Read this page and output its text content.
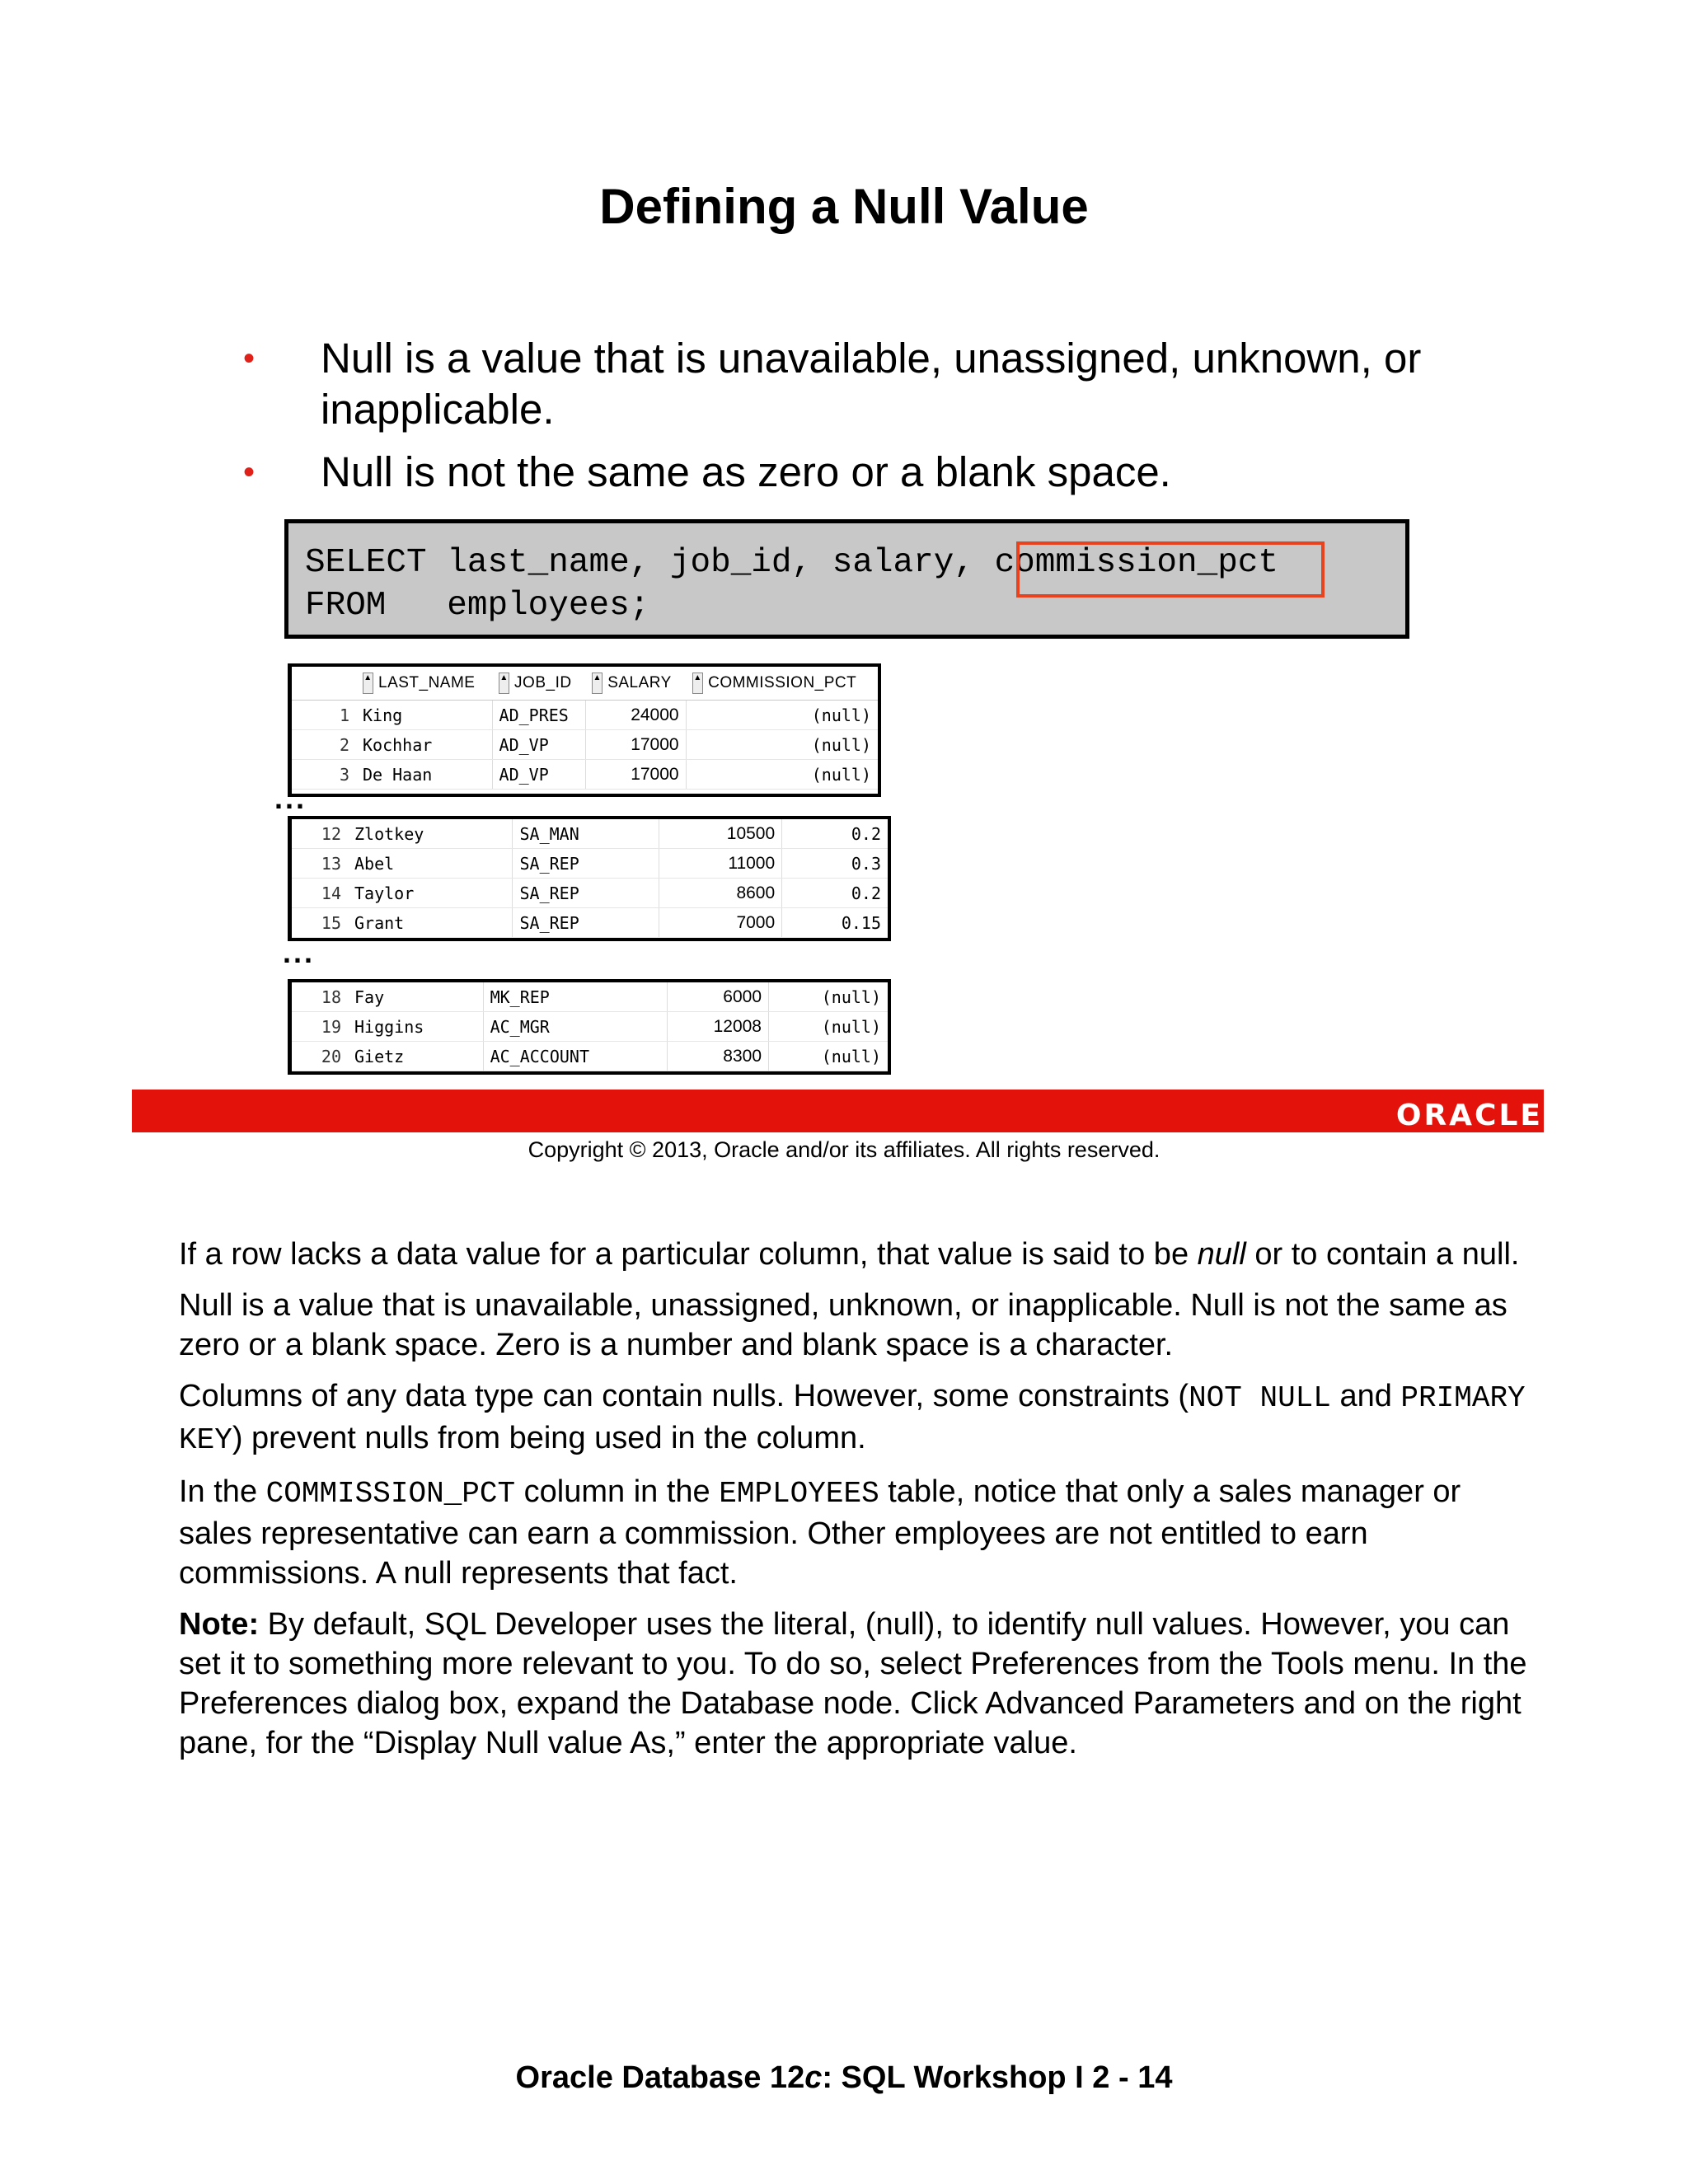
Defining a Null Value
• Null is a value that is unavailable, unassigned, unknown, or inapplicable.
• Null is not the same as zero or a blank space.
SELECT last_name, job_id, salary, commission_pct
FROM employees;
	▲ LAST_NAME	▲ JOB_ID	▲ SALARY	▲ COMMISSION_PCT
1	King	AD_PRES	24000	(null)
2	Kochhar	AD_VP	17000	(null)
3	De Haan	AD_VP	17000	(null)
...
12	Zlotkey	SA_MAN	10500	0.2
13	Abel	SA_REP	11000	0.3
14	Taylor	SA_REP	8600	0.2
15	Grant	SA_REP	7000	0.15
...
18	Fay	MK_REP	6000	(null)
19	Higgins	AC_MGR	12008	(null)
20	Gietz	AC_ACCOUNT	8300	(null)
ORACLE
Copyright © 2013, Oracle and/or its affiliates. All rights reserved.

If a row lacks a data value for a particular column, that value is said to be null or to contain a null.

Null is a value that is unavailable, unassigned, unknown, or inapplicable. Null is not the same as zero or a blank space. Zero is a number and blank space is a character.

Columns of any data type can contain nulls. However, some constraints (NOT NULL and PRIMARY KEY) prevent nulls from being used in the column.

In the COMMISSION_PCT column in the EMPLOYEES table, notice that only a sales manager or sales representative can earn a commission. Other employees are not entitled to earn commissions. A null represents that fact.

Note: By default, SQL Developer uses the literal, (null), to identify null values. However, you can set it to something more relevant to you. To do so, select Preferences from the Tools menu. In the Preferences dialog box, expand the Database node. Click Advanced Parameters and on the right pane, for the “Display Null value As,” enter the appropriate value.

Oracle Database 12c: SQL Workshop I 2 - 14
